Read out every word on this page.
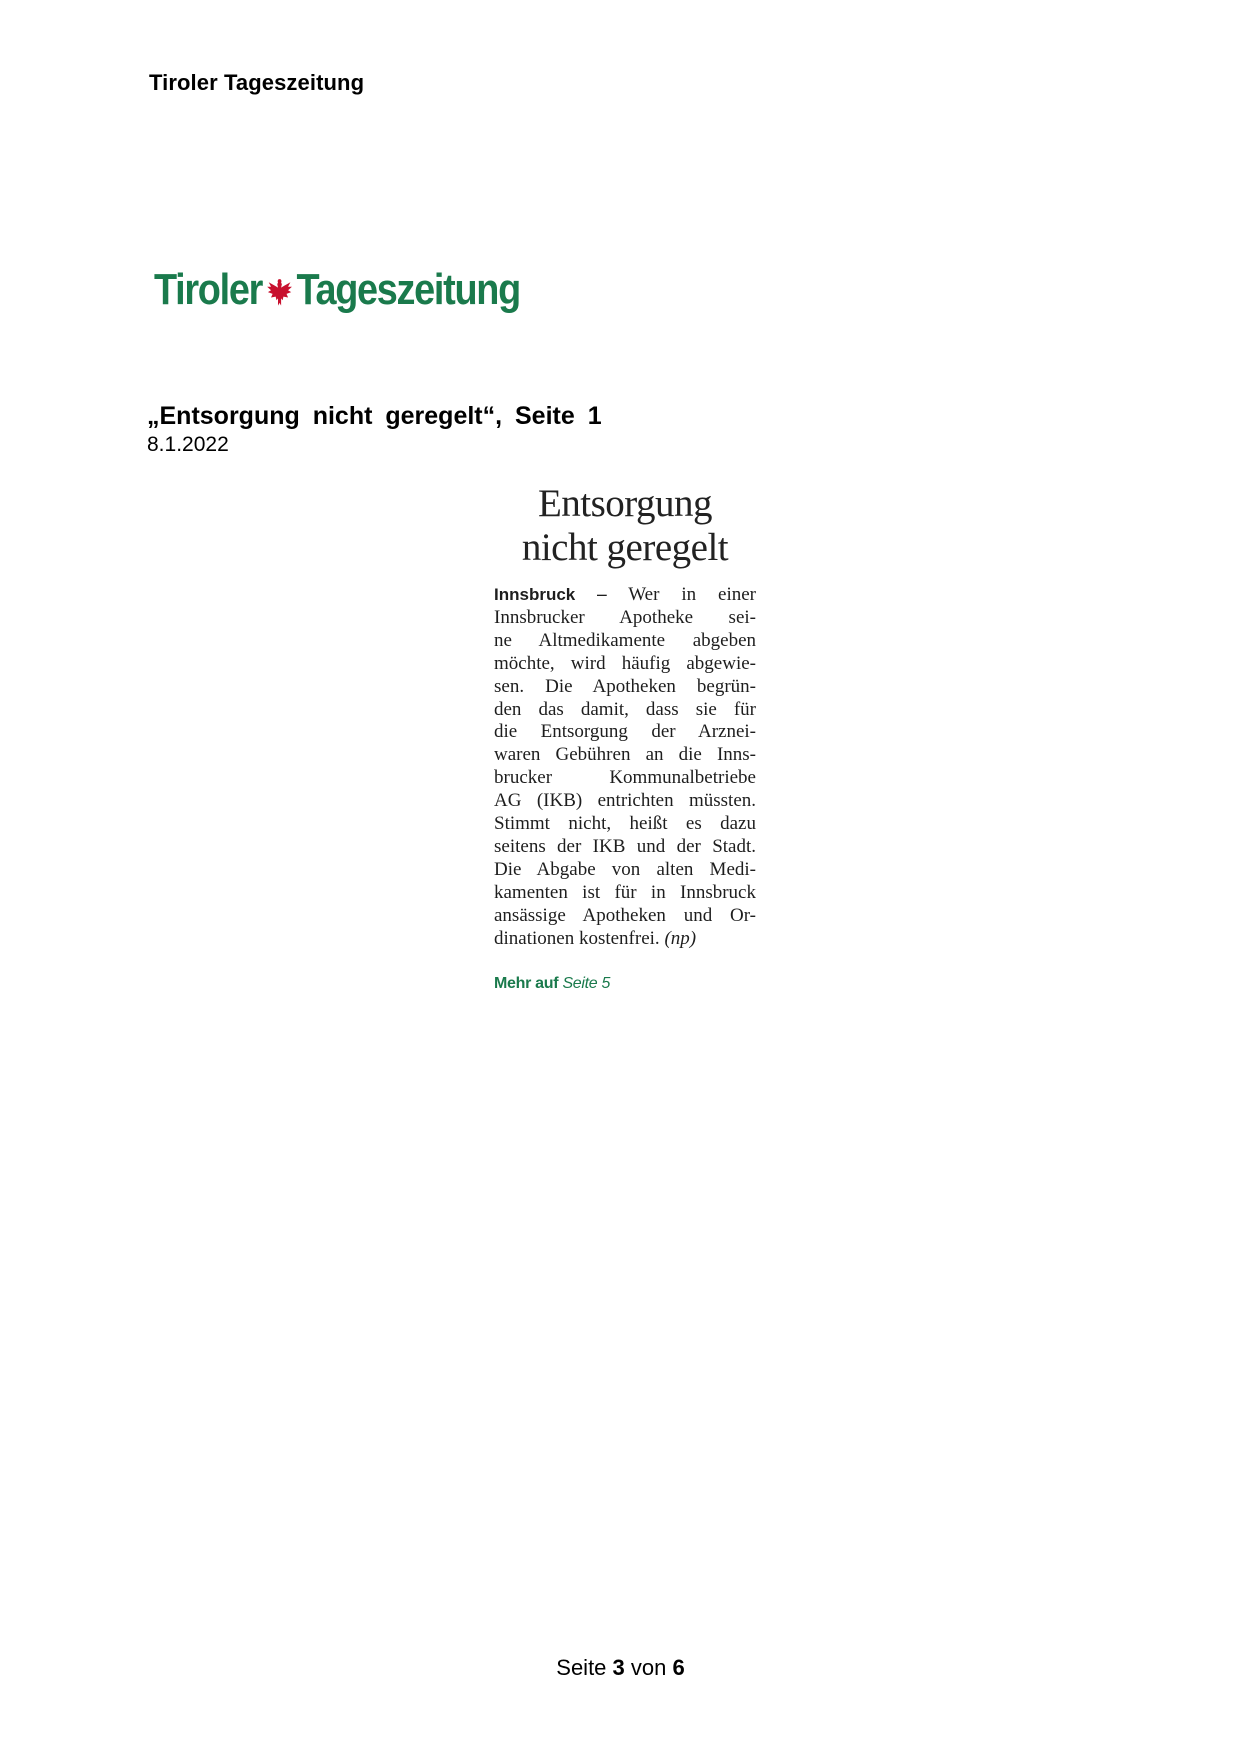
Tiroler Tageszeitung
Tiroler Tageszeitung
„Entsorgung nicht geregelt“, Seite 1
8.1.2022
Entsorgung
nicht geregelt
Innsbruck – Wer in einer
Innsbrucker Apotheke sei-
ne Altmedikamente abgeben
möchte, wird häufig abgewie-
sen. Die Apotheken begrün-
den das damit, dass sie für
die Entsorgung der Arznei-
waren Gebühren an die Inns-
brucker Kommunalbetriebe
AG (IKB) entrichten müssten.
Stimmt nicht, heißt es dazu
seitens der IKB und der Stadt.
Die Abgabe von alten Medi-
kamenten ist für in Innsbruck
ansässige Apotheken und Or-
dinationen kostenfrei. (np)
Mehr auf Seite 5
Seite 3 von 6
